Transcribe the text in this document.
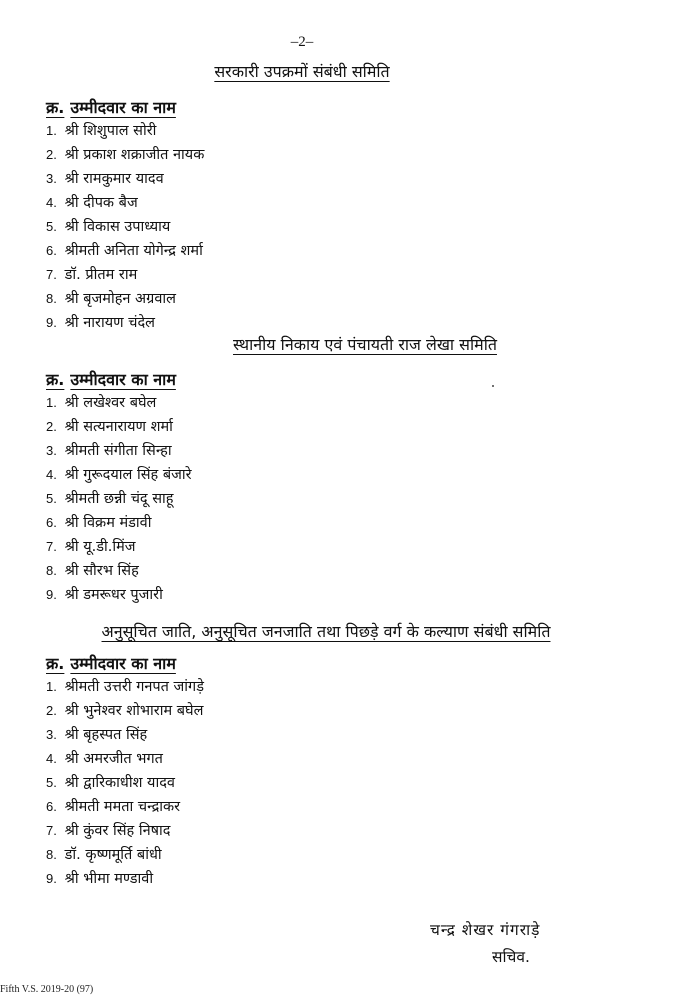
–2–
सरकारी उपक्रमों संबंधी समिति
क्र. उम्मीदवार का नाम
1. श्री शिशुपाल सोरी
2. श्री प्रकाश शक्राजीत नायक
3. श्री रामकुमार यादव
4. श्री दीपक बैज
5. श्री विकास उपाध्याय
6. श्रीमती अनिता योगेन्द्र शर्मा
7. डॉ. प्रीतम राम
8. श्री बृजमोहन अग्रवाल
9. श्री नारायण चंदेल
स्थानीय निकाय एवं पंचायती राज लेखा समिति
क्र. उम्मीदवार का नाम
1. श्री लखेश्वर बघेल
2. श्री सत्यनारायण शर्मा
3. श्रीमती संगीता सिन्हा
4. श्री गुरूदयाल सिंह बंजारे
5. श्रीमती छन्नी चंदू साहू
6. श्री विक्रम मंडावी
7. श्री यू.डी.मिंज
8. श्री सौरभ सिंह
9. श्री डमरूधर पुजारी
अनुसूचित जाति, अनुसूचित जनजाति तथा पिछड़े वर्ग के कल्याण संबंधी समिति
क्र. उम्मीदवार का नाम
1. श्रीमती उत्तरी गनपत जांगड़े
2. श्री भुनेश्वर शोभाराम बघेल
3. श्री बृहस्पत सिंह
4. श्री अमरजीत भगत
5. श्री द्वारिकाधीश यादव
6. श्रीमती ममता चन्द्राकर
7. श्री कुंवर सिंह निषाद
8. डॉ. कृष्णमूर्ति बांधी
9. श्री भीमा मण्डावी
चन्द्र शेखर गंगराड़े
सचिव.
Fifth V.S. 2019-20 (97)
